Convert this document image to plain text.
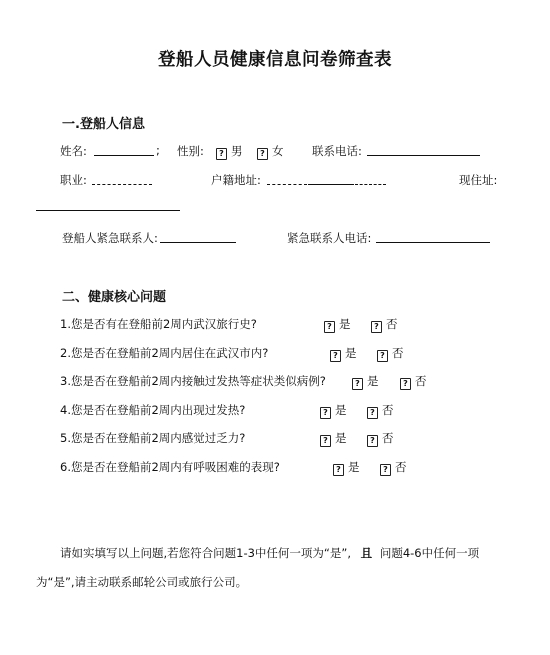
登船人员健康信息问卷筛查表
一.登船人信息
姓名:	; 性别:	? 男	? 女 联系电话:
职业:	户籍地址:	现住址:
登船人紧急联系人:	紧急联系人电话:
二、健康核心问题
1.您是否有在登船前2周内武汉旅行史?	? 是	? 否
2.您是否在登船前2周内居住在武汉市内?	? 是	? 否
3.您是否在登船前2周内接触过发热等症状类似病例?	? 是	? 否
4.您是否在登船前2周内出现过发热?	? 是	? 否
5.您是否在登船前2周内感觉过乏力?	? 是	? 否
6.您是否在登船前2周内有呼吸困难的表现?	? 是	? 否
请如实填写以上问题,若您符合问题1-3中任何一项为“是”, 且 问题4-6中任何一项
为“是”,请主动联系邮轮公司或旅行公司。
